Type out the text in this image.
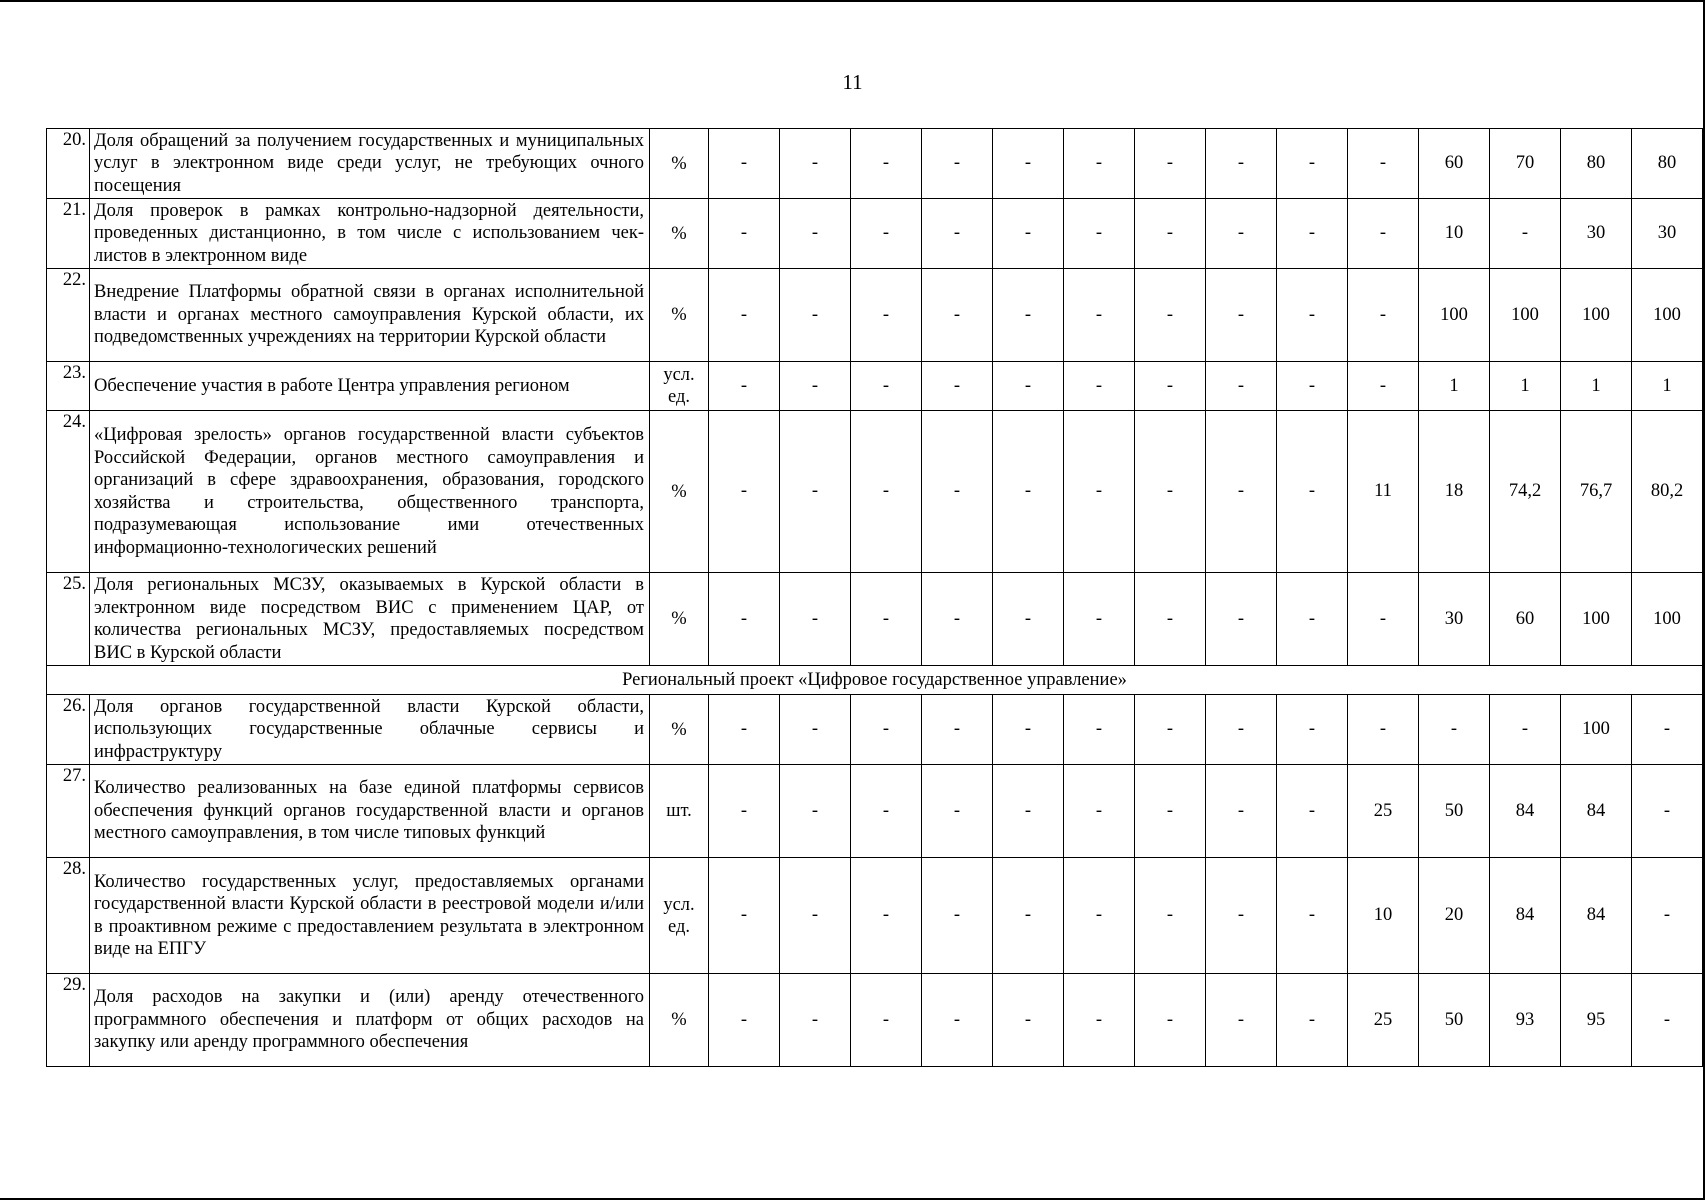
11
20.	Доля обращений за получением государственных и муниципальных услуг в электронном виде среди услуг, не требующих очного посещения	%	-	-	-	-	-	-	-	-	-	-	60	70	80	80
21.	Доля проверок в рамках контрольно-надзорной деятельности, проведенных дистанционно, в том числе с использованием чек-листов в электронном виде	%	-	-	-	-	-	-	-	-	-	-	10	-	30	30
22.	Внедрение Платформы обратной связи в органах исполнительной власти и органах местного самоуправления Курской области, их подведомственных учреждениях на территории Курской области	%	-	-	-	-	-	-	-	-	-	-	100	100	100	100
23.	Обеспечение участия в работе Центра управления регионом	усл. ед.	-	-	-	-	-	-	-	-	-	-	1	1	1	1
24.	«Цифровая зрелость» органов государственной власти субъектов Российской Федерации, органов местного самоуправления и организаций в сфере здравоохранения, образования, городского хозяйства и строительства, общественного транспорта, подразумевающая использование ими отечественных информационно-технологических решений	%	-	-	-	-	-	-	-	-	-	11	18	74,2	76,7	80,2
25.	Доля региональных МСЗУ, оказываемых в Курской области в электронном виде посредством ВИС с применением ЦАР, от количества региональных МСЗУ, предоставляемых посредством ВИС в Курской области	%	-	-	-	-	-	-	-	-	-	-	30	60	100	100
Региональный проект «Цифровое государственное управление»																
26.	Доля органов государственной власти Курской области, использующих государственные облачные сервисы и инфраструктуру	%	-	-	-	-	-	-	-	-	-	-	-	-	100	-
27.	Количество реализованных на базе единой платформы сервисов обеспечения функций органов государственной власти и органов местного самоуправления, в том числе типовых функций	шт.	-	-	-	-	-	-	-	-	-	25	50	84	84	-
28.	Количество государственных услуг, предоставляемых органами государственной власти Курской области в реестровой модели и/или в проактивном режиме с предоставлением результата в электронном виде на ЕПГУ	усл. ед.	-	-	-	-	-	-	-	-	-	10	20	84	84	-
29.	Доля расходов на закупки и (или) аренду отечественного программного обеспечения и платформ от общих расходов на закупку или аренду программного обеспечения	%	-	-	-	-	-	-	-	-	-	25	50	93	95	-
